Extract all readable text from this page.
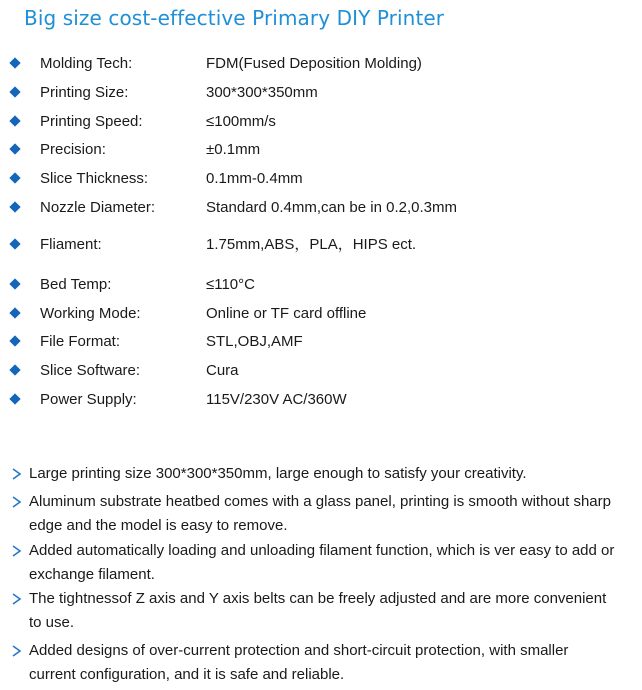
Big size cost-effective Primary DIY Printer
Molding Tech:	FDM(Fused Deposition Molding)
Printing Size:	300*300*350mm
Printing Speed:	≤100mm/s
Precision:	±0.1mm
Slice Thickness:	0.1mm-0.4mm
Nozzle Diameter:	Standard 0.4mm,can be in 0.2,0.3mm
Fliament:	1.75mm,ABS，PLA，HIPS ect.
Bed Temp:	≤110°C
Working Mode:	Online or TF card offline
File Format:	STL,OBJ,AMF
Slice Software:	Cura
Power Supply:	115V/230V AC/360W
Large printing size 300*300*350mm, large enough to satisfy your creativity.
Aluminum substrate heatbed comes with a glass panel, printing is smooth without sharp edge and the model is easy to remove.
Added automatically loading and unloading filament function, which is ver easy to add or exchange filament.
The tightnessof Z axis and Y axis belts can be freely adjusted and are more convenient to use.
Added designs of over-current protection and short-circuit protection, with smaller current configuration, and it is safe and reliable.
